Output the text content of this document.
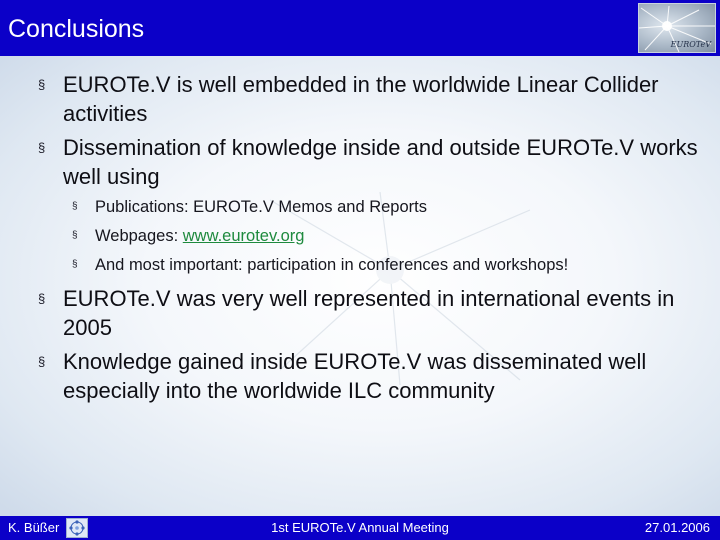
Conclusions
EUROTeV
§ EUROTe.V is well embedded in the worldwide Linear Collider activities
§ Dissemination of knowledge inside and outside EUROTe.V works well using
§ Publications: EUROTe.V Memos and Reports
§ Webpages: www.eurotev.org
§ And most important: participation in conferences and workshops!
§ EUROTe.V was very well represented in international events in 2005
§ Knowledge gained inside EUROTe.V was disseminated well especially into the worldwide ILC community
K. Büßer	1st EUROTe.V Annual Meeting	27.01.2006
